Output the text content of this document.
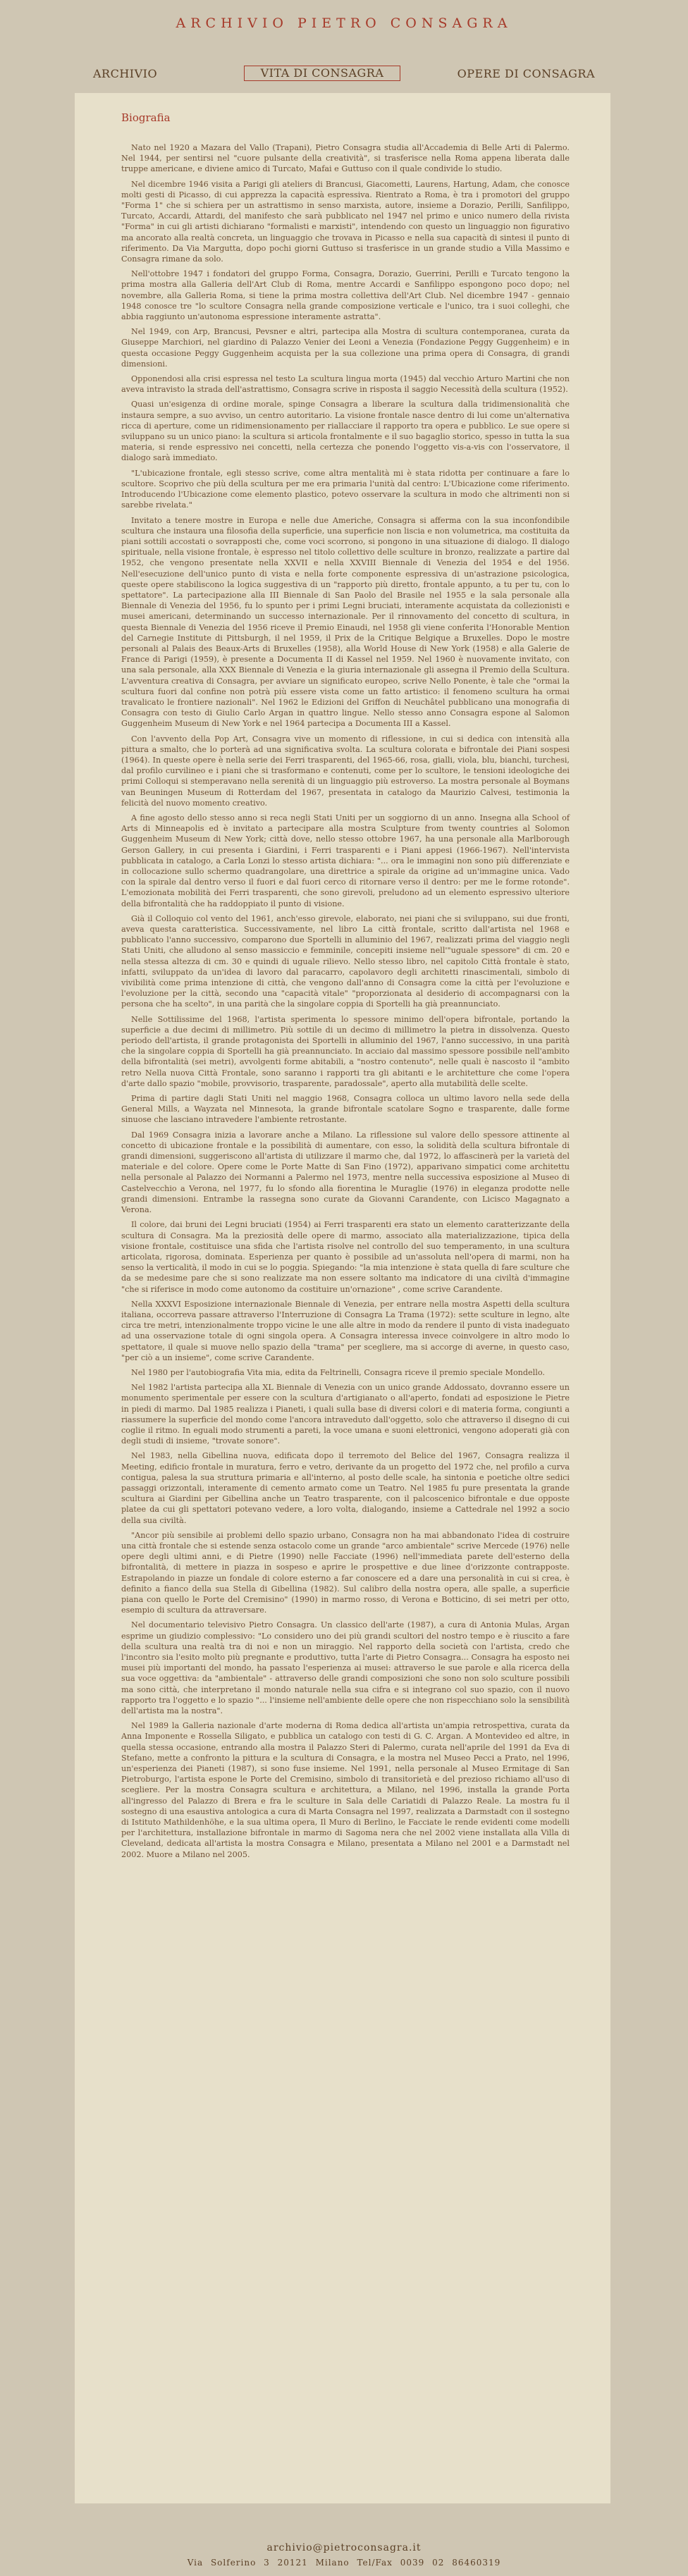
ARCHIVIO PIETRO CONSAGRA
ARCHIVIO	VITA DI CONSAGRA	OPERE DI CONSAGRA
Biografia

Nato nel 1920 a Mazara del Vallo (Trapani), Pietro Consagra studia all'Accademia di Belle Arti di Palermo. Nel 1944, per sentirsi nel "cuore pulsante della creatività", si trasferisce nella Roma appena liberata dalle truppe americane, e diviene amico di Turcato, Mafai e Guttuso con il quale condivide lo studio.

Nel dicembre 1946 visita a Parigi gli ateliers di Brancusi, Giacometti, Laurens, Hartung, Adam, che conosce molti gesti di Picasso, di cui apprezza la capacità espressiva. Rientrato a Roma, è tra i promotori del gruppo "Forma 1" che si schiera per un astrattismo in senso marxista, autore, insieme a Dorazio, Perilli, Sanfilippo, Turcato, Accardi, Attardi, del manifesto che sarà pubblicato nel 1947 nel primo e unico numero della rivista "Forma" in cui gli artisti dichiarano "formalisti e marxisti", intendendo con questo un linguaggio non figurativo ma ancorato alla realtà concreta, un linguaggio che trovava in Picasso e nella sua capacità di sintesi il punto di riferimento. Da Via Margutta, dopo pochi giorni Guttuso si trasferisce in un grande studio a Villa Massimo e Consagra rimane da solo.

Nell'ottobre 1947 i fondatori del gruppo Forma, Consagra, Dorazio, Guerrini, Perilli e Turcato tengono la prima mostra alla Galleria dell'Art Club di Roma, mentre Accardi e Sanfilippo espongono poco dopo; nel novembre, alla Galleria Roma, si tiene la prima mostra collettiva dell'Art Club. Nel dicembre 1947 - gennaio 1948 conosce tre "lo scultore Consagra nella grande composizione verticale e l'unico, tra i suoi colleghi, che abbia raggiunto un'autonoma espressione interamente astratta".

Nel 1949, con Arp, Brancusi, Pevsner e altri, partecipa alla Mostra di scultura contemporanea, curata da Giuseppe Marchiori, nel giardino di Palazzo Venier dei Leoni a Venezia (Fondazione Peggy Guggenheim) e in questa occasione Peggy Guggenheim acquista per la sua collezione una prima opera di Consagra, di grandi dimensioni.

Opponendosi alla crisi espressa nel testo La scultura lingua morta (1945) dal vecchio Arturo Martini che non aveva intravisto la strada dell'astrattismo, Consagra scrive in risposta il saggio Necessità della scultura (1952).

Quasi un'esigenza di ordine morale, spinge Consagra a liberare la scultura dalla tridimensionalità che instaura sempre, a suo avviso, un centro autoritario. La visione frontale nasce dentro di lui come un'alternativa ricca di aperture, come un ridimensionamento per riallacciare il rapporto tra opera e pubblico. Le sue opere si sviluppano su un unico piano: la scultura si articola frontalmente e il suo bagaglio storico, spesso in tutta la sua materia, si rende espressivo nei concetti, nella certezza che ponendo l'oggetto vis-a-vis con l'osservatore, il dialogo sarà immediato.

"L'ubicazione frontale, egli stesso scrive, come altra mentalità mi è stata ridotta per continuare a fare lo scultore. Scoprivo che più della scultura per me era primaria l'unità dal centro: L'Ubicazione come riferimento. Introducendo l'Ubicazione come elemento plastico, potevo osservare la scultura in modo che altrimenti non si sarebbe rivelata."

Invitato a tenere mostre in Europa e nelle due Americhe, Consagra si afferma con la sua inconfondibile scultura che instaura una filosofia della superficie, una superficie non liscia e non volumetrica, ma costituita da piani sottili accostati o sovrapposti che, come voci scorrono, si pongono in una situazione di dialogo. Il dialogo spirituale, nella visione frontale, è espresso nel titolo collettivo delle sculture in bronzo, realizzate a partire dal 1952, che vengono presentate nella XXVII e nella XXVIII Biennale di Venezia del 1954 e del 1956. Nell'esecuzione dell'unico punto di vista e nella forte componente espressiva di un'astrazione psicologica, queste opere stabiliscono la logica suggestiva di un "rapporto più diretto, frontale appunto, a tu per tu, con lo spettatore". La partecipazione alla III Biennale di San Paolo del Brasile nel 1955 e la sala personale alla Biennale di Venezia del 1956, fu lo spunto per i primi Legni bruciati, interamente acquistata da collezionisti e musei americani, determinando un successo internazionale. Per il rinnovamento del concetto di scultura, in questa Biennale di Venezia del 1956 riceve il Premio Einaudi, nel 1958 gli viene conferita l'Honorable Mention del Carnegie Institute di Pittsburgh, il nel 1959, il Prix de la Critique Belgique a Bruxelles. Dopo le mostre personali al Palais des Beaux-Arts di Bruxelles (1958), alla World House di New York (1958) e alla Galerie de France di Parigi (1959), è presente a Documenta II di Kassel nel 1959. Nel 1960 è nuovamente invitato, con una sala personale, alla XXX Biennale di Venezia e la giuria internazionale gli assegna il Premio della Scultura. L'avventura creativa di Consagra, per avviare un significato europeo, scrive Nello Ponente, è tale che "ormai la scultura fuori dal confine non potrà più essere vista come un fatto artistico: il fenomeno scultura ha ormai travalicato le frontiere nazionali". Nel 1962 le Edizioni del Griffon di Neuchâtel pubblicano una monografia di Consagra con testo di Giulio Carlo Argan in quattro lingue. Nello stesso anno Consagra espone al Salomon Guggenheim Museum di New York e nel 1964 partecipa a Documenta III a Kassel.

Con l'avvento della Pop Art, Consagra vive un momento di riflessione, in cui si dedica con intensità alla pittura a smalto, che lo porterà ad una significativa svolta. La scultura colorata e bifrontale dei Piani sospesi (1964). In queste opere è nella serie dei Ferri trasparenti, del 1965-66, rosa, gialli, viola, blu, bianchi, turchesi, dal profilo curvilineo e i piani che si trasformano e contenuti, come per lo scultore, le tensioni ideologiche dei primi Colloqui si stemperavano nella serenità di un linguaggio più estroverso. La mostra personale al Boymans van Beuningen Museum di Rotterdam del 1967, presentata in catalogo da Maurizio Calvesi, testimonia la felicità del nuovo momento creativo.

A fine agosto dello stesso anno si reca negli Stati Uniti per un soggiorno di un anno. Insegna alla School of Arts di Minneapolis ed è invitato a partecipare alla mostra Sculpture from twenty countries al Solomon Guggenheim Museum di New York; città dove, nello stesso ottobre 1967, ha una personale alla Marlborough Gerson Gallery, in cui presenta i Giardini, i Ferri trasparenti e i Piani appesi (1966-1967). Nell'intervista pubblicata in catalogo, a Carla Lonzi lo stesso artista dichiara: "... ora le immagini non sono più differenziate e in collocazione sullo schermo quadrangolare, una direttrice a spirale da origine ad un'immagine unica. Vado con la spirale dal dentro verso il fuori e dal fuori cerco di ritornare verso il dentro: per me le forme rotonde". L'emozionata mobilità dei Ferri trasparenti, che sono girevoli, preludono ad un elemento espressivo ulteriore della bifrontalità che ha raddoppiato il punto di visione.

Già il Colloquio col vento del 1961, anch'esso girevole, elaborato, nei piani che si sviluppano, sui due fronti, aveva questa caratteristica. Successivamente, nel libro La città frontale, scritto dall'artista nel 1968 e pubblicato l'anno successivo, comparono due Sportelli in alluminio del 1967, realizzati prima del viaggio negli Stati Uniti, che alludono al senso massiccio e femminile, concepiti insieme nell'"uguale spessore" di cm. 20 e nella stessa altezza di cm. 30 e quindi di uguale rilievo. Nello stesso libro, nel capitolo Città frontale è stato, infatti, sviluppato da un'idea di lavoro dal paracarro, capolavoro degli architetti rinascimentali, simbolo di vivibilità come prima intenzione di città, che vengono dall'anno di Consagra come la città per l'evoluzione e l'evoluzione per la città, secondo una "capacità vitale" "proporzionata al desiderio di accompagnarsi con la persona che ha scelto", in una parità che la singolare coppia di Sportelli ha già preannunciato.

Nelle Sottilissime del 1968, l'artista sperimenta lo spessore minimo dell'opera bifrontale, portando la superficie a due decimi di millimetro. Più sottile di un decimo di millimetro la pietra in dissolvenza. Questo periodo dell'artista, il grande protagonista dei Sportelli in alluminio del 1967, l'anno successivo, in una parità che la singolare coppia di Sportelli ha già preannunciato. In acciaio dal massimo spessore possibile nell'ambito della bifrontalità (sei metri), avvolgenti forme abitabili, a "nostro contenuto", nelle quali è nascosto il "ambito retro Nella nuova Città Frontale, sono saranno i rapporti tra gli abitanti e le architetture che come l'opera d'arte dallo spazio "mobile, provvisorio, trasparente, paradossale", aperto alla mutabilità delle scelte.

Prima di partire dagli Stati Uniti nel maggio 1968, Consagra colloca un ultimo lavoro nella sede della General Mills, a Wayzata nel Minnesota, la grande bifrontale scatolare Sogno e trasparente, dalle forme sinuose che lasciano intravedere l'ambiente retrostante.

Dal 1969 Consagra inizia a lavorare anche a Milano. La riflessione sul valore dello spessore attinente al concetto di ubicazione frontale e la possibilità di aumentare, con esso, la solidità della scultura bifrontale di grandi dimensioni, suggeriscono all'artista di utilizzare il marmo che, dal 1972, lo affascinerà per la varietà del materiale e del colore. Opere come le Porte Matte di San Fino (1972), apparivano simpatici come architettu nella personale al Palazzo dei Normanni a Palermo nel 1973, mentre nella successiva esposizione al Museo di Castelvecchio a Verona, nel 1977, fu lo sfondo alla fiorentina le Muraglie (1976) in eleganza prodotte nelle grandi dimensioni. Entrambe la rassegna sono curate da Giovanni Carandente, con Licisco Magagnato a Verona.

Il colore, dai bruni dei Legni bruciati (1954) ai Ferri trasparenti era stato un elemento caratterizzante della scultura di Consagra. Ma la preziosità delle opere di marmo, associato alla materializzazione, tipica della visione frontale, costituisce una sfida che l'artista risolve nel controllo del suo temperamento, in una scultura articolata, rigorosa, dominata. Esperienza per quanto è possibile ad un'assoluta nell'opera di marmi, non ha senso la verticalità, il modo in cui se lo poggia. Spiegando: "la mia intenzione è stata quella di fare sculture che da se medesime pare che si sono realizzate ma non essere soltanto ma indicatore di una civiltà d'immagine "che si riferisce in modo come autonomo da costituire un'ornazione" , come scrive Carandente.

Nella XXXVI Esposizione internazionale Biennale di Venezia, per entrare nella mostra Aspetti della scultura italiana, occorreva passare attraverso l'Interruzione di Consagra La Trama (1972): sette sculture in legno, alte circa tre metri, intenzionalmente troppo vicine le une alle altre in modo da rendere il punto di vista inadeguato ad una osservazione totale di ogni singola opera. A Consagra interessa invece coinvolgere in altro modo lo spettatore, il quale si muove nello spazio della "trama" per scegliere, ma si accorge di averne, in questo caso, "per ciò a un insieme", come scrive Carandente.

Nel 1980 per l'autobiografia Vita mia, edita da Feltrinelli, Consagra riceve il premio speciale Mondello.

Nel 1982 l'artista partecipa alla XL Biennale di Venezia con un unico grande Addossato, dovranno essere un monumento sperimentale per essere con la scultura d'artigianato o all'aperto, fondati ad esposizione le Pietre in piedi di marmo. Dal 1985 realizza i Pianeti, i quali sulla base di diversi colori e di materia forma, congiunti a riassumere la superficie del mondo come l'ancora intraveduto dall'oggetto, solo che attraverso il disegno di cui coglie il ritmo. In eguali modo strumenti a pareti, la voce umana e suoni elettronici, vengono adoperati già con degli studi di insieme, "trovate sonore".

Nel 1983, nella Gibellina nuova, edificata dopo il terremoto del Belice del 1967, Consagra realizza il Meeting, edificio frontale in muratura, ferro e vetro, derivante da un progetto del 1972 che, nel profilo a curva contigua, palesa la sua struttura primaria e all'interno, al posto delle scale, ha sintonia e poetiche oltre sedici passaggi orizzontali, interamente di cemento armato come un Teatro. Nel 1985 fu pure presentata la grande scultura ai Giardini per Gibellina anche un Teatro trasparente, con il palcoscenico bifrontale e due opposte platee da cui gli spettatori potevano vedere, a loro volta, dialogando, insieme a Cattedrale nel 1992 a socio della sua civiltà.

"Ancor più sensibile ai problemi dello spazio urbano, Consagra non ha mai abbandonato l'idea di costruire una città frontale che si estende senza ostacolo come un grande "arco ambientale" scrive Mercede (1976) nelle opere degli ultimi anni, e di Pietre (1990) nelle Facciate (1996) nell'immediata parete dell'esterno della bifrontalità, di mettere in piazza in sospeso e aprire le prospettive e due linee d'orizzonte contrapposte. Estrapolando in piazze un fondale di colore esterno a far conoscere ed a dare una personalità in cui si crea, è definito a fianco della sua Stella di Gibellina (1982). Sul calibro della nostra opera, alle spalle, a superficie piana con quello le Porte del Cremisino" (1990) in marmo rosso, di Verona e Botticino, di sei metri per otto, esempio di scultura da attraversare.

Nel documentario televisivo Pietro Consagra. Un classico dell'arte (1987), a cura di Antonia Mulas, Argan esprime un giudizio complessivo: "Lo considero uno dei più grandi scultori del nostro tempo e è riuscito a fare della scultura una realtà tra di noi e non un miraggio. Nel rapporto della società con l'artista, credo che l'incontro sia l'esito molto più pregnante e produttivo, tutta l'arte di Pietro Consagra... Consagra ha esposto nei musei più importanti del mondo, ha passato l'esperienza ai musei: attraverso le sue parole e alla ricerca della sua voce oggettiva: da "ambientale" - attraverso delle grandi composizioni che sono non solo sculture possibili ma sono città, che interpretano il mondo naturale nella sua cifra e si integrano col suo spazio, con il nuovo rapporto tra l'oggetto e lo spazio "... l'insieme nell'ambiente delle opere che non rispecchiano solo la sensibilità dell'artista ma la nostra".

Nel 1989 la Galleria nazionale d'arte moderna di Roma dedica all'artista un'ampia retrospettiva, curata da Anna Imponente e Rossella Siligato, e pubblica un catalogo con testi di G. C. Argan. A Montevideo ed altre, in quella stessa occasione, entrando alla mostra il Palazzo Steri di Palermo, curata nell'aprile del 1991 da Eva di Stefano, mette a confronto la pittura e la scultura di Consagra, e la mostra nel Museo Pecci a Prato, nel 1996, un'esperienza dei Pianeti (1987), si sono fuse insieme. Nel 1991, nella personale al Museo Ermitage di San Pietroburgo, l'artista espone le Porte del Cremisino, simbolo di transitorietà e del prezioso richiamo all'uso di scegliere. Per la mostra Consagra scultura e architettura, a Milano, nel 1996, installa la grande Porta all'ingresso del Palazzo di Brera e fra le sculture in Sala delle Cariatidi di Palazzo Reale. La mostra fu il sostegno di una esaustiva antologica a cura di Marta Consagra nel 1997, realizzata a Darmstadt con il sostegno di Istituto Mathildenhöhe, e la sua ultima opera, Il Muro di Berlino, le Facciate le rende evidenti come modelli per l'architettura, installazione bifrontale in marmo di Sagoma nera che nel 2002 viene installata alla Villa di Cleveland, dedicata all'artista la mostra Consagra e Milano, presentata a Milano nel 2001 e a Darmstadt nel 2002. Muore a Milano nel 2005.

archivio@pietroconsagra.it
Via Solferino 3 20121 Milano Tel/Fax 0039 02 86460319
